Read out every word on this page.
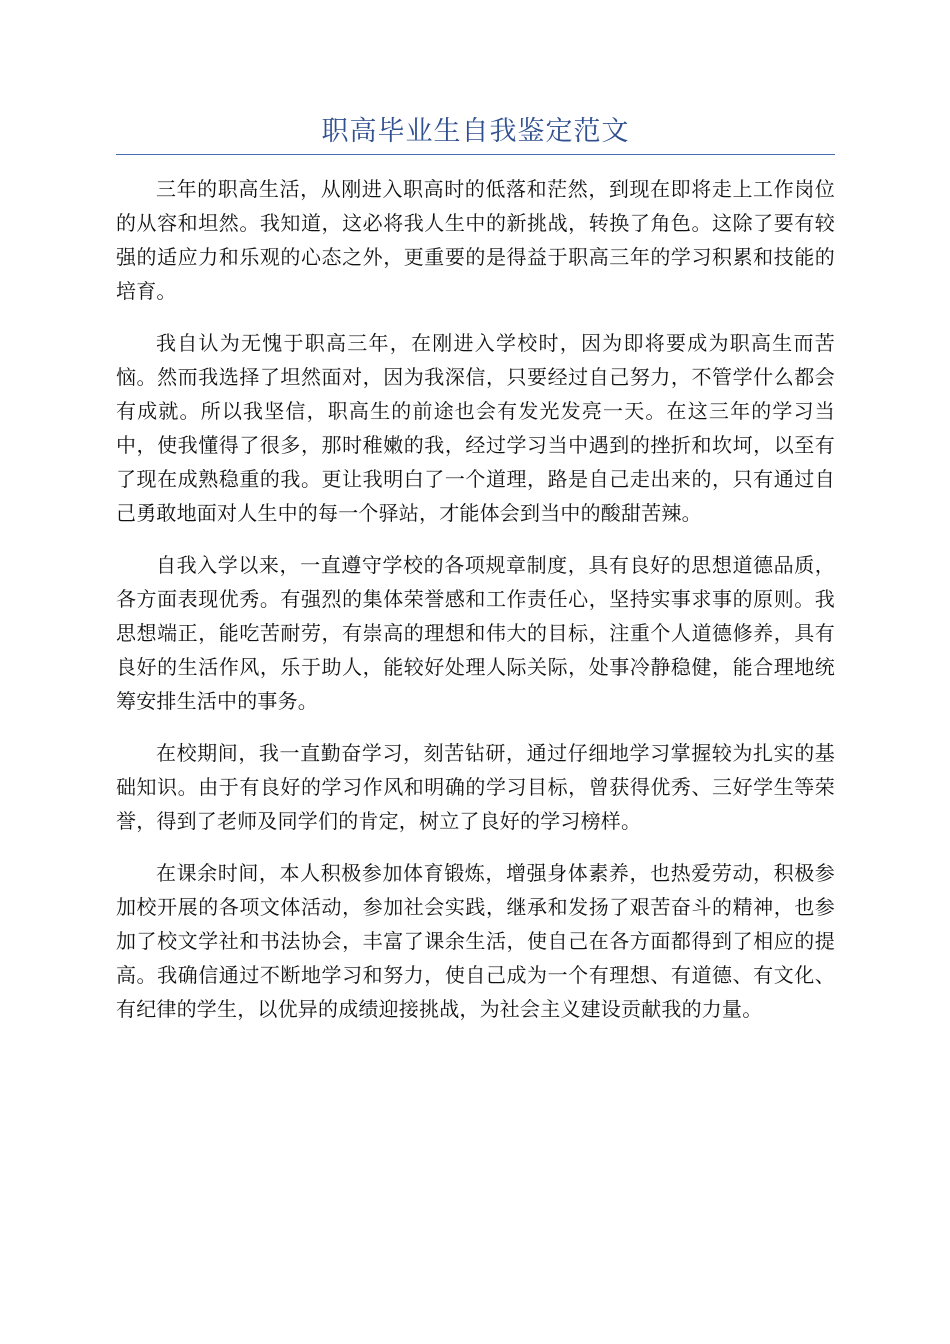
职高毕业生自我鉴定范文

三年的职高生活，从刚进入职高时的低落和茫然，到现在即将走上工作岗位的从容和坦然。我知道，这必将我人生中的新挑战，转换了角色。这除了要有较强的适应力和乐观的心态之外，更重要的是得益于职高三年的学习积累和技能的培育。

我自认为无愧于职高三年，在刚进入学校时，因为即将要成为职高生而苦恼。然而我选择了坦然面对，因为我深信，只要经过自己努力，不管学什么都会有成就。所以我坚信，职高生的前途也会有发光发亮一天。在这三年的学习当中，使我懂得了很多，那时稚嫩的我，经过学习当中遇到的挫折和坎坷，以至有了现在成熟稳重的我。更让我明白了一个道理，路是自己走出来的，只有通过自己勇敢地面对人生中的每一个驿站，才能体会到当中的酸甜苦辣。

自我入学以来，一直遵守学校的各项规章制度，具有良好的思想道德品质，各方面表现优秀。有强烈的集体荣誉感和工作责任心，坚持实事求事的原则。我思想端正，能吃苦耐劳，有崇高的理想和伟大的目标，注重个人道德修养，具有良好的生活作风，乐于助人，能较好处理人际关际，处事冷静稳健，能合理地统筹安排生活中的事务。

在校期间，我一直勤奋学习，刻苦钻研，通过仔细地学习掌握较为扎实的基础知识。由于有良好的学习作风和明确的学习目标，曾获得优秀、三好学生等荣誉，得到了老师及同学们的肯定，树立了良好的学习榜样。

在课余时间，本人积极参加体育锻炼，增强身体素养，也热爱劳动，积极参加校开展的各项文体活动，参加社会实践，继承和发扬了艰苦奋斗的精神，也参加了校文学社和书法协会，丰富了课余生活，使自己在各方面都得到了相应的提高。我确信通过不断地学习和努力，使自己成为一个有理想、有道德、有文化、有纪律的学生，以优异的成绩迎接挑战，为社会主义建设贡献我的力量。
